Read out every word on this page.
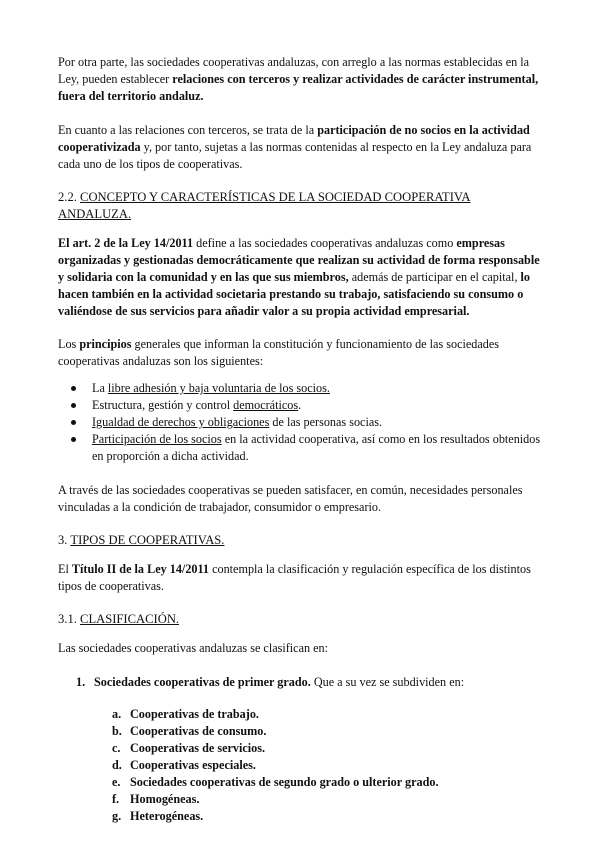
Por otra parte, las sociedades cooperativas andaluzas, con arreglo a las normas establecidas en la Ley, pueden establecer relaciones con terceros y realizar actividades de carácter instrumental, fuera del territorio andaluz.

En cuanto a las relaciones con terceros, se trata de la participación de no socios en la actividad cooperativizada y, por tanto, sujetas a las normas contenidas al respecto en la Ley andaluza para cada uno de los tipos de cooperativas.

2.2. CONCEPTO Y CARACTERÍSTICAS DE LA SOCIEDAD COOPERATIVA ANDALUZA.

El art. 2 de la Ley 14/2011 define a las sociedades cooperativas andaluzas como empresas organizadas y gestionadas democráticamente que realizan su actividad de forma responsable y solidaria con la comunidad y en las que sus miembros, además de participar en el capital, lo hacen también en la actividad societaria prestando su trabajo, satisfaciendo su consumo o valiéndose de sus servicios para añadir valor a su propia actividad empresarial.

Los principios generales que informan la constitución y funcionamiento de las sociedades cooperativas andaluzas son los siguientes:

La libre adhesión y baja voluntaria de los socios.
Estructura, gestión y control democráticos.
Igualdad de derechos y obligaciones de las personas socias.
Participación de los socios en la actividad cooperativa, así como en los resultados obtenidos en proporción a dicha actividad.

A través de las sociedades cooperativas se pueden satisfacer, en común, necesidades personales vinculadas a la condición de trabajador, consumidor o empresario.

3. TIPOS DE COOPERATIVAS.

El Título II de la Ley 14/2011 contempla la clasificación y regulación específica de los distintos tipos de cooperativas.

3.1. CLASIFICACIÓN.

Las sociedades cooperativas andaluzas se clasifican en:

1. Sociedades cooperativas de primer grado. Que a su vez se subdividen en:

a. Cooperativas de trabajo.
b. Cooperativas de consumo.
c. Cooperativas de servicios.
d. Cooperativas especiales.
e. Sociedades cooperativas de segundo grado o ulterior grado.
f. Homogéneas.
g. Heterogéneas.
